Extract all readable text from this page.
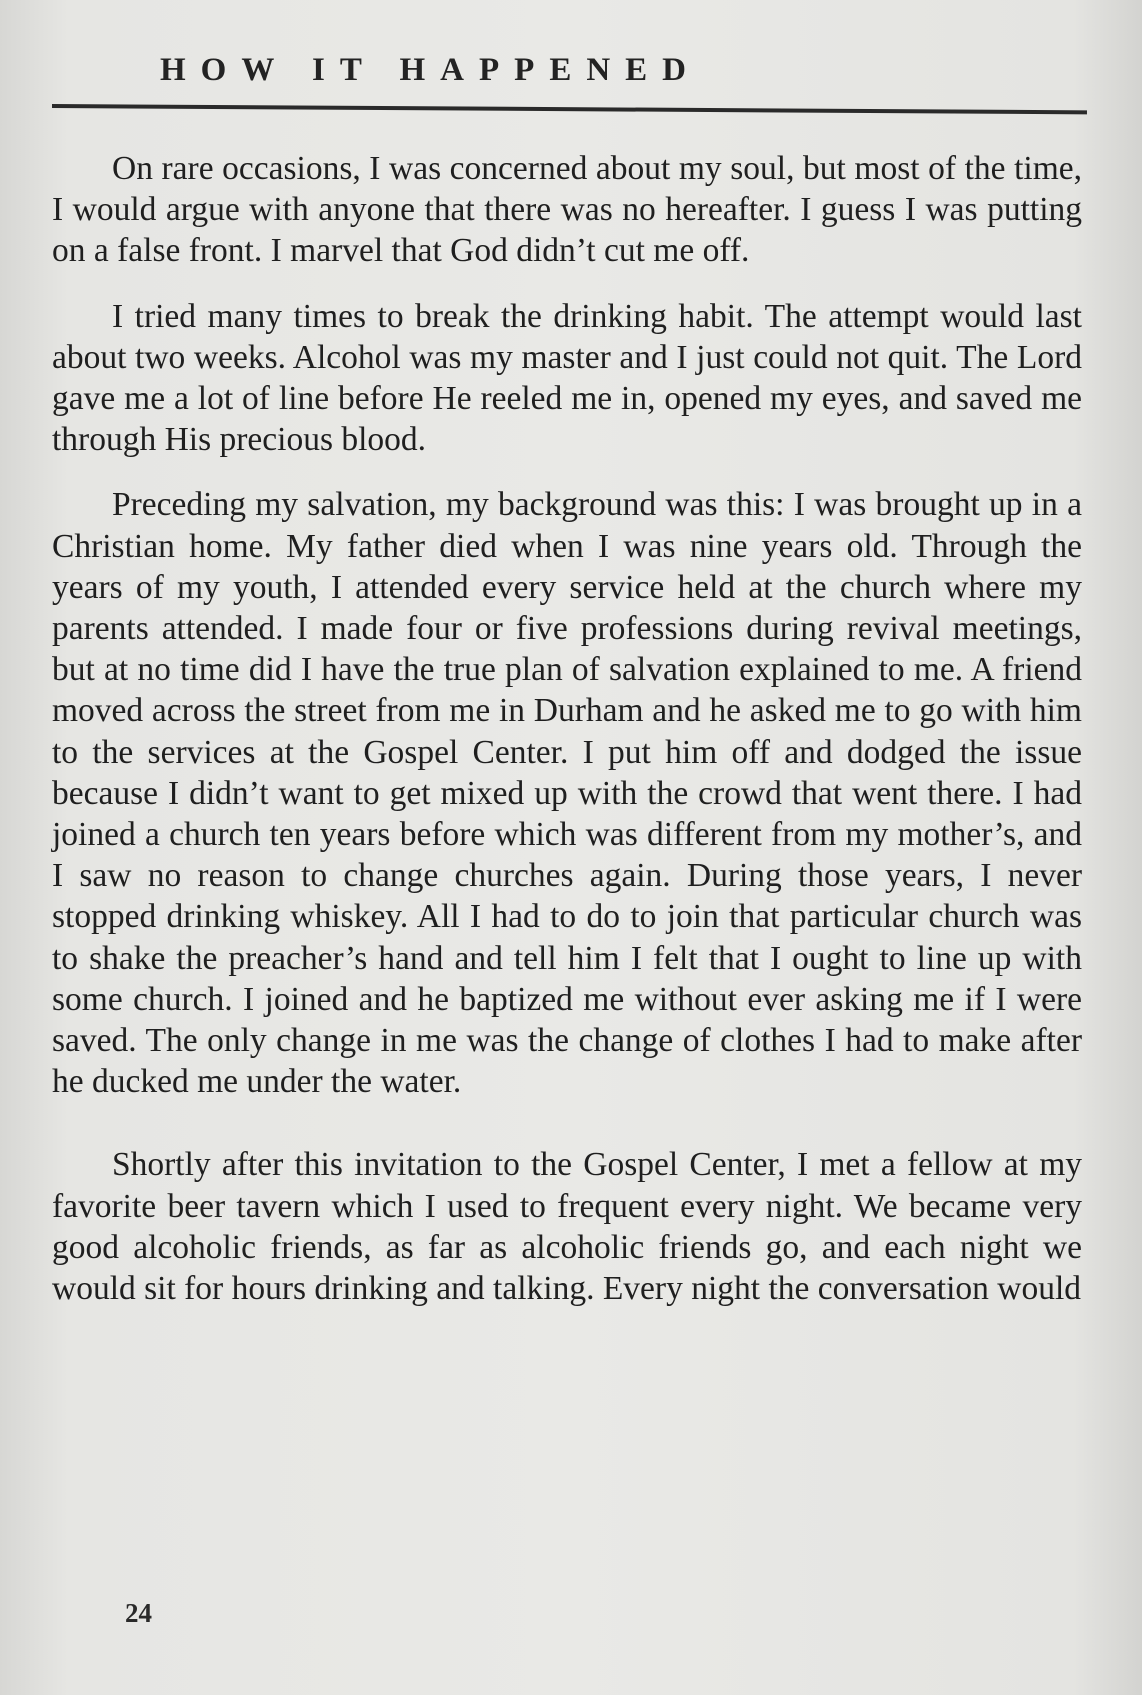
HOW IT HAPPENED

On rare occasions, I was concerned about my soul, but most of the time, I would argue with anyone that there was no hereafter. I guess I was putting on a false front. I marvel that God didn’t cut me off.

I tried many times to break the drinking habit. The attempt would last about two weeks. Alcohol was my master and I just could not quit. The Lord gave me a lot of line before He reeled me in, opened my eyes, and saved me through His precious blood.

Preceding my salvation, my background was this: I was brought up in a Christian home. My father died when I was nine years old. Through the years of my youth, I attended every service held at the church where my parents attended. I made four or five professions during revival meetings, but at no time did I have the true plan of salvation explained to me. A friend moved across the street from me in Durham and he asked me to go with him to the services at the Gospel Center. I put him off and dodged the issue because I didn’t want to get mixed up with the crowd that went there. I had joined a church ten years before which was different from my mother’s, and I saw no reason to change churches again. During those years, I never stopped drinking whiskey. All I had to do to join that particular church was to shake the preacher’s hand and tell him I felt that I ought to line up with some church. I joined and he baptized me without ever asking me if I were saved. The only change in me was the change of clothes I had to make after he ducked me under the water.

Shortly after this invitation to the Gospel Center, I met a fellow at my favorite beer tavern which I used to frequent every night. We became very good alcoholic friends, as far as alcoholic friends go, and each night we would sit for hours drinking and talking. Every night the conversation would

24
